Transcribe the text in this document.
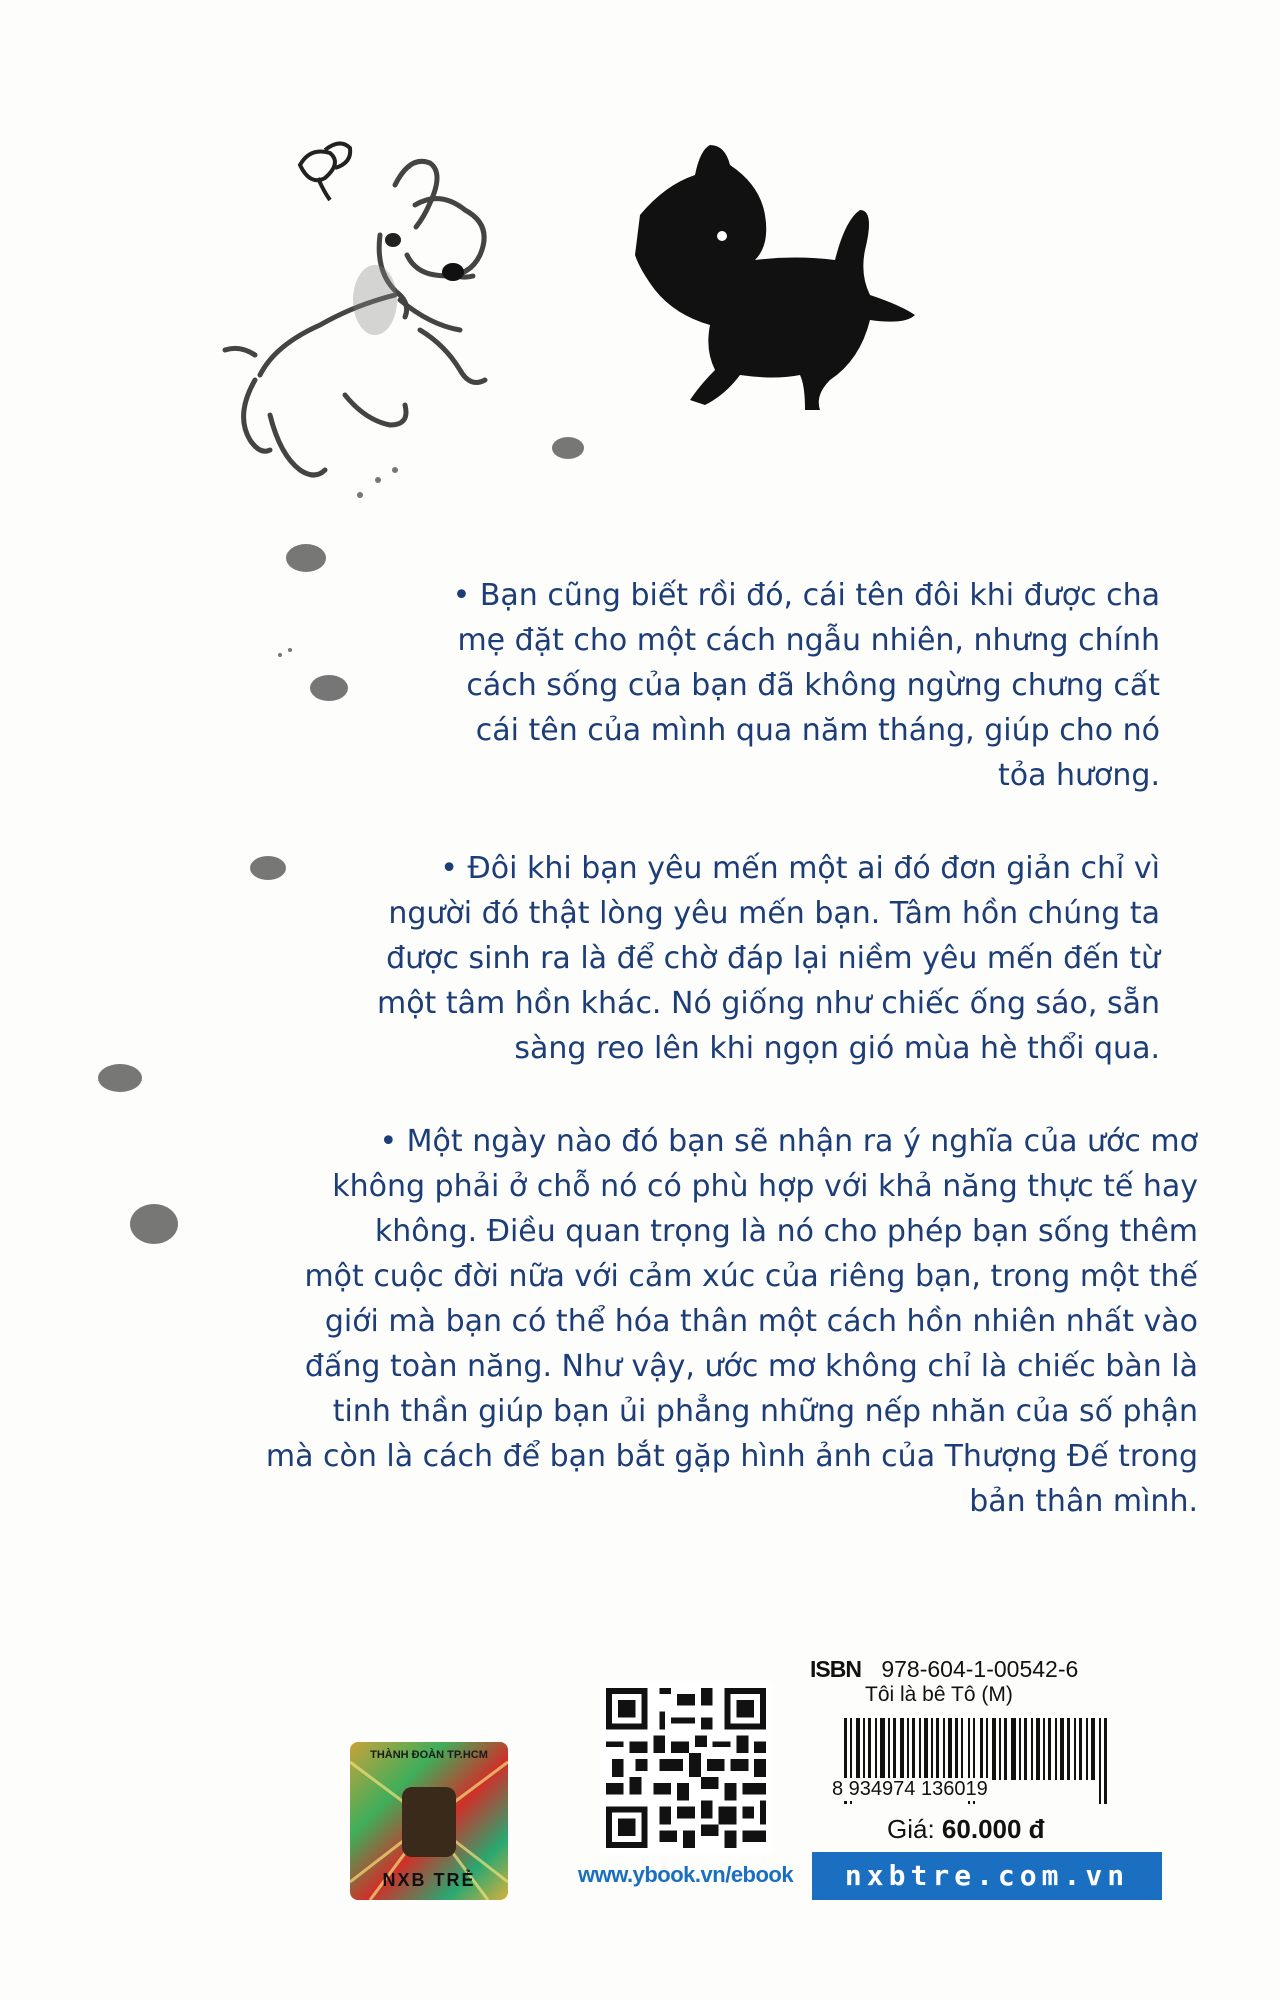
• Bạn cũng biết rồi đó, cái tên đôi khi được cha
mẹ đặt cho một cách ngẫu nhiên, nhưng chính
cách sống của bạn đã không ngừng chưng cất
cái tên của mình qua năm tháng, giúp cho nó
tỏa hương.

• Đôi khi bạn yêu mến một ai đó đơn giản chỉ vì
người đó thật lòng yêu mến bạn. Tâm hồn chúng ta
được sinh ra là để chờ đáp lại niềm yêu mến đến từ
một tâm hồn khác. Nó giống như chiếc ống sáo, sẵn
sàng reo lên khi ngọn gió mùa hè thổi qua.

• Một ngày nào đó bạn sẽ nhận ra ý nghĩa của ước mơ
không phải ở chỗ nó có phù hợp với khả năng thực tế hay
không. Điều quan trọng là nó cho phép bạn sống thêm
một cuộc đời nữa với cảm xúc của riêng bạn, trong một thế
giới mà bạn có thể hóa thân một cách hồn nhiên nhất vào
đấng toàn năng. Như vậy, ước mơ không chỉ là chiếc bàn là
tinh thần giúp bạn ủi phẳng những nếp nhăn của số phận
mà còn là cách để bạn bắt gặp hình ảnh của Thượng Đế trong
bản thân mình.

THÀNH ĐOÀN TP.HCM
NXB TRẺ	www.ybook.vn/ebook
ISBN 978-604-1-00542-6
Tôi là bê Tô (M)
8 934974 136019
Giá: 60.000 đ
nxbtre.com.vn
